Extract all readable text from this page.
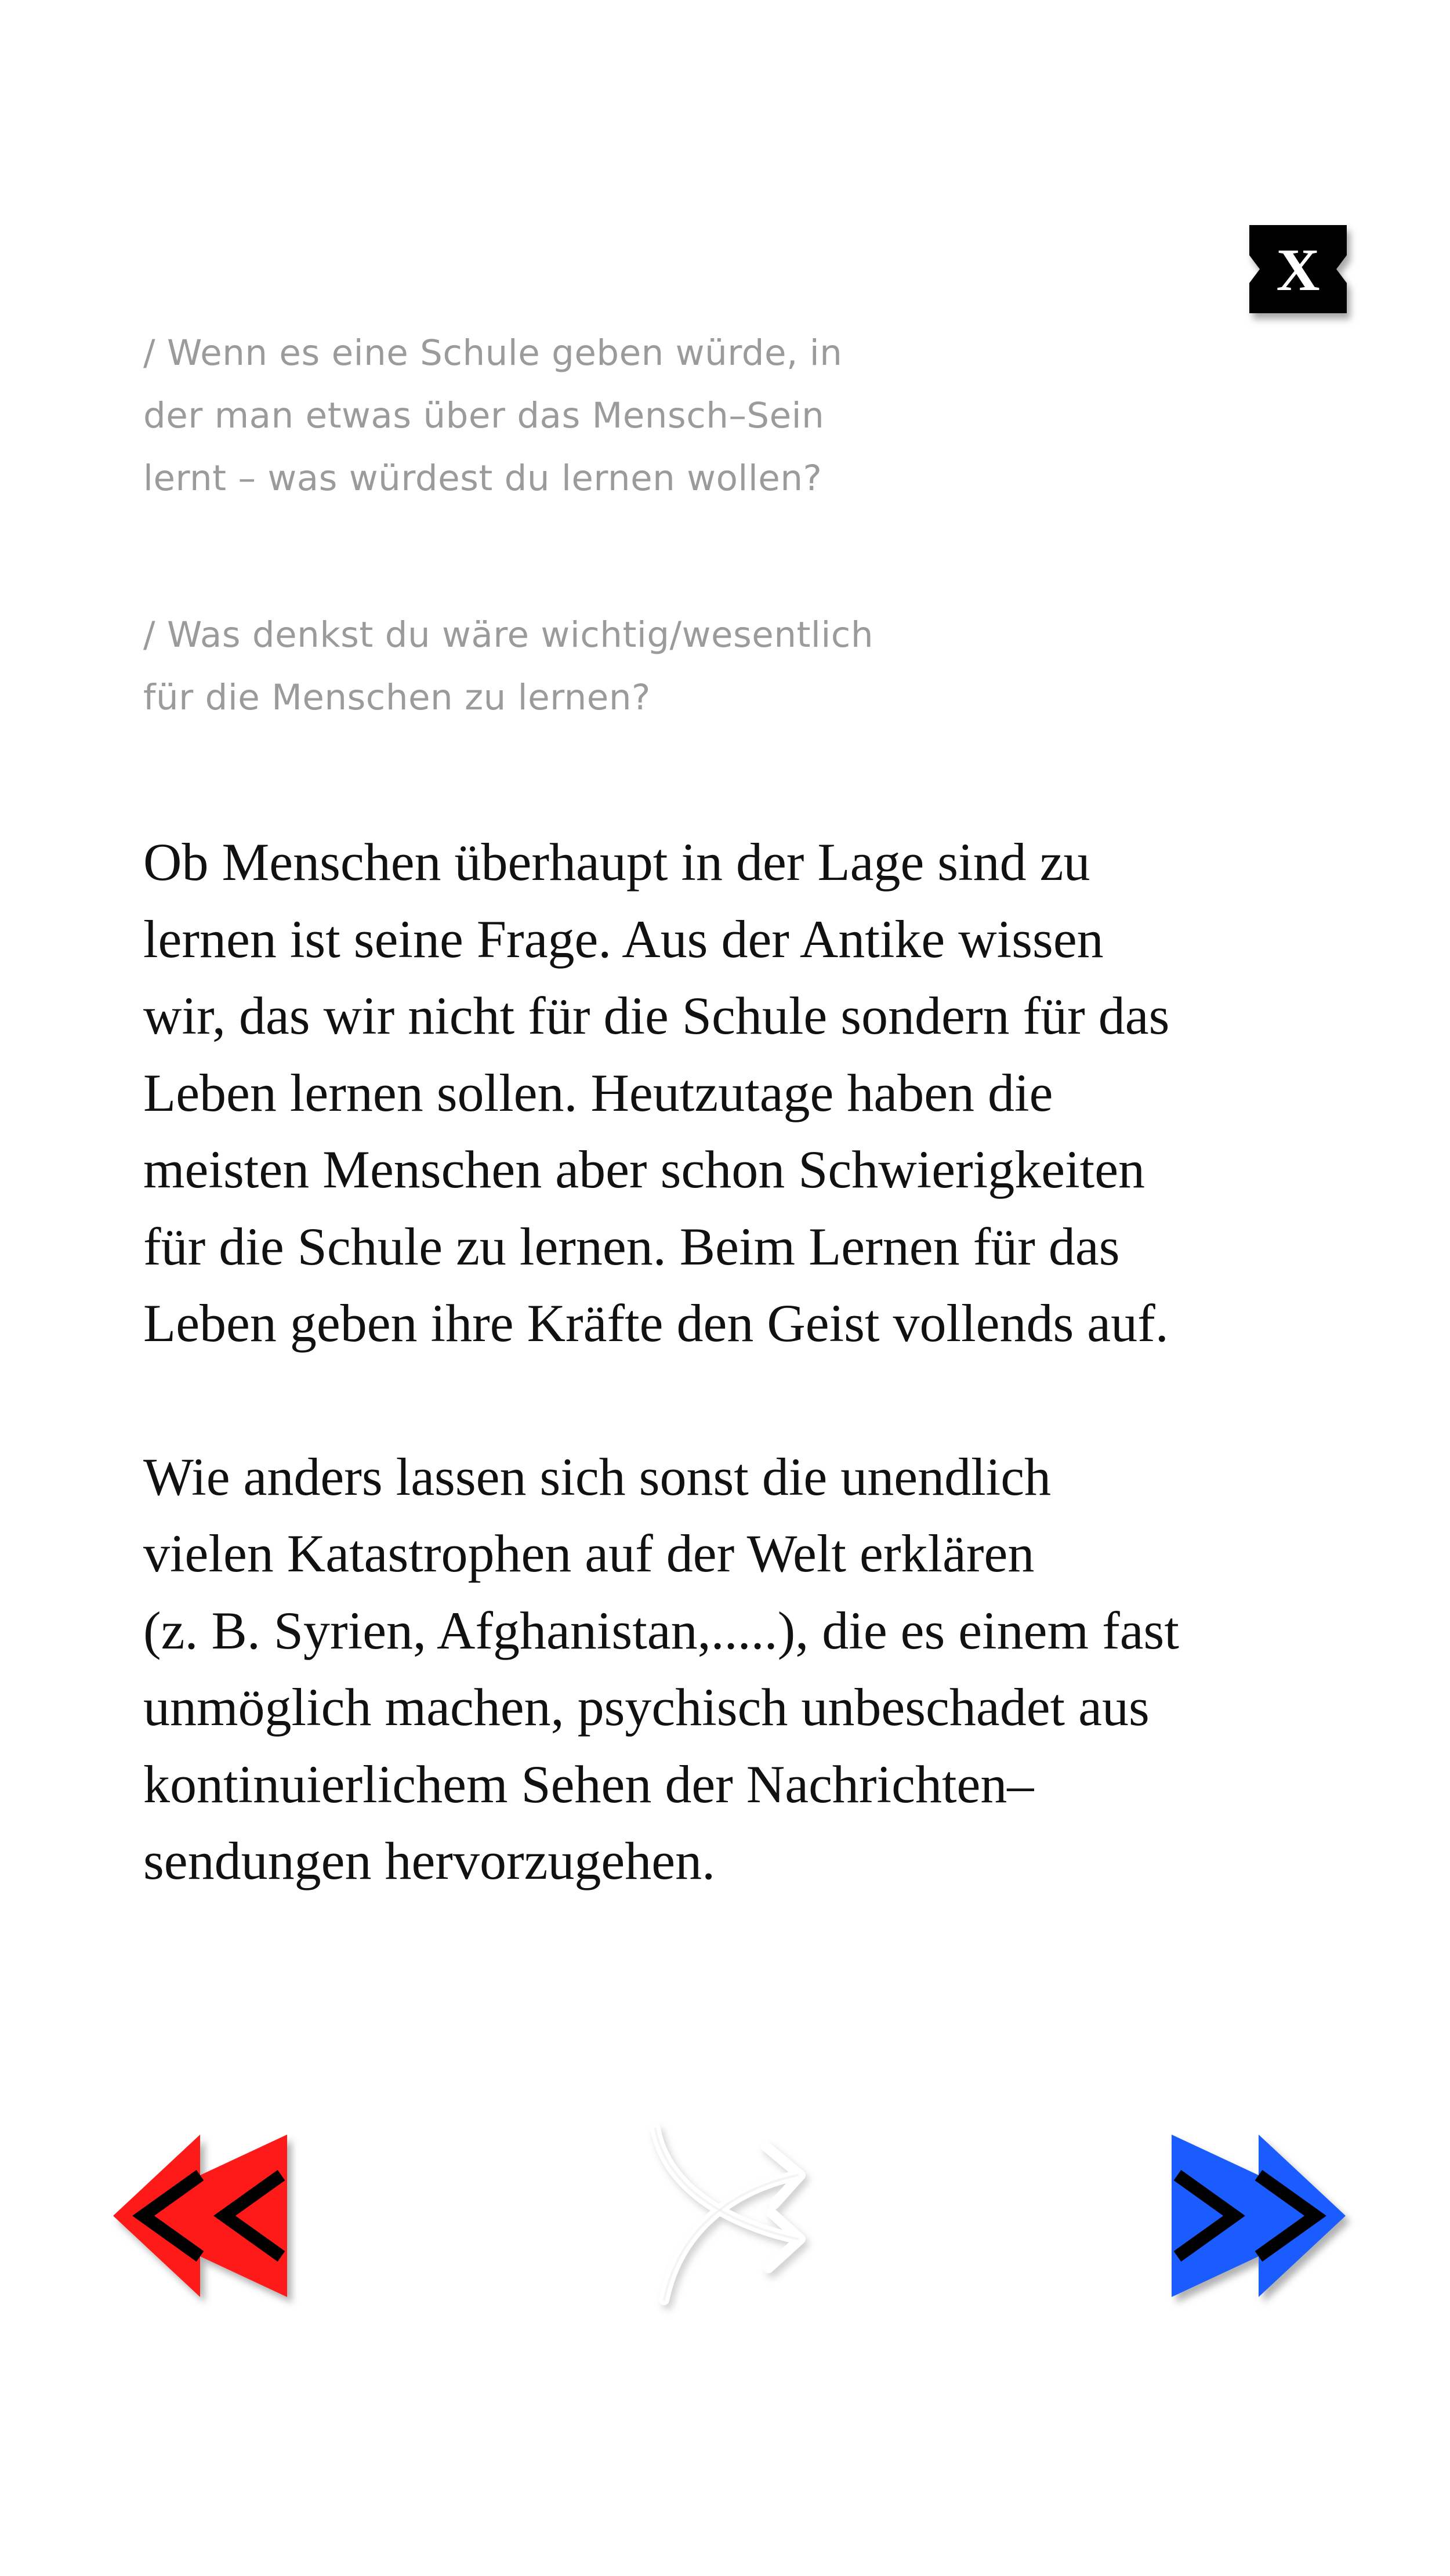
X

/ Wenn es eine Schule geben würde, in
der man etwas über das Mensch–Sein
lernt – was würdest du lernen wollen?

/ Was denkst du wäre wichtig/wesentlich
für die Menschen zu lernen?

Ob Menschen überhaupt in der Lage sind zu
lernen ist seine Frage. Aus der Antike wissen
wir, das wir nicht für die Schule sondern für das
Leben lernen sollen. Heutzutage haben die
meisten Menschen aber schon Schwierigkeiten
für die Schule zu lernen. Beim Lernen für das
Leben geben ihre Kräfte den Geist vollends auf.

Wie anders lassen sich sonst die unendlich
vielen Katastrophen auf der Welt erklären
(z. B. Syrien, Afghanistan,.....), die es einem fast
unmöglich machen, psychisch unbeschadet aus
kontinuierlichem Sehen der Nachrichten–
sendungen hervorzugehen.
